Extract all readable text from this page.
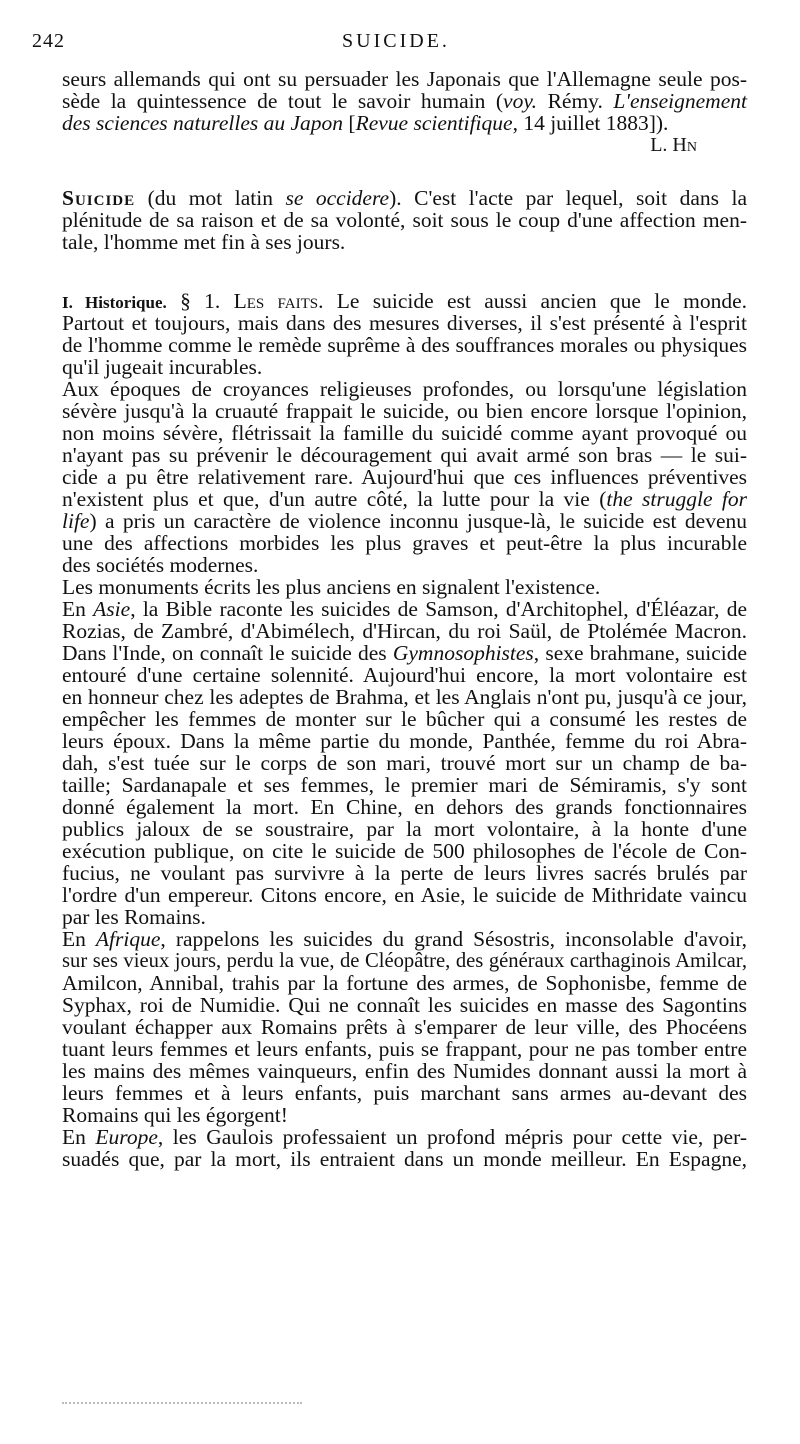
242	SUICIDE.
seurs allemands qui ont su persuader les Japonais que l'Allemagne seule pos-
sède la quintessence de tout le savoir humain (voy. Rémy. L'enseignement
des sciences naturelles au Japon [Revue scientifique, 14 juillet 1883]).
L. Hn
Suicide (du mot latin se occidere). C'est l'acte par lequel, soit dans la
plénitude de sa raison et de sa volonté, soit sous le coup d'une affection men-
tale, l'homme met fin à ses jours.
I. Historique. § 1. Les faits. Le suicide est aussi ancien que le monde.
Partout et toujours, mais dans des mesures diverses, il s'est présenté à l'esprit
de l'homme comme le remède suprême à des souffrances morales ou physiques
qu'il jugeait incurables.
Aux époques de croyances religieuses profondes, ou lorsqu'une législation
sévère jusqu'à la cruauté frappait le suicide, ou bien encore lorsque l'opinion,
non moins sévère, flétrissait la famille du suicidé comme ayant provoqué ou
n'ayant pas su prévenir le découragement qui avait armé son bras — le sui-
cide a pu être relativement rare. Aujourd'hui que ces influences préventives
n'existent plus et que, d'un autre côté, la lutte pour la vie (the struggle for
life) a pris un caractère de violence inconnu jusque-là, le suicide est devenu
une des affections morbides les plus graves et peut-être la plus incurable
des sociétés modernes.
Les monuments écrits les plus anciens en signalent l'existence.
En Asie, la Bible raconte les suicides de Samson, d'Architophel, d'Éléazar, de
Rozias, de Zambré, d'Abimélech, d'Hircan, du roi Saül, de Ptolémée Macron.
Dans l'Inde, on connaît le suicide des Gymnosophistes, sexe brahmane, suicide
entouré d'une certaine solennité. Aujourd'hui encore, la mort volontaire est
en honneur chez les adeptes de Brahma, et les Anglais n'ont pu, jusqu'à ce jour,
empêcher les femmes de monter sur le bûcher qui a consumé les restes de
leurs époux. Dans la même partie du monde, Panthée, femme du roi Abra-
dah, s'est tuée sur le corps de son mari, trouvé mort sur un champ de ba-
taille; Sardanapale et ses femmes, le premier mari de Sémiramis, s'y sont
donné également la mort. En Chine, en dehors des grands fonctionnaires
publics jaloux de se soustraire, par la mort volontaire, à la honte d'une
exécution publique, on cite le suicide de 500 philosophes de l'école de Con-
fucius, ne voulant pas survivre à la perte de leurs livres sacrés brulés par
l'ordre d'un empereur. Citons encore, en Asie, le suicide de Mithridate vaincu
par les Romains.
En Afrique, rappelons les suicides du grand Sésostris, inconsolable d'avoir,
sur ses vieux jours, perdu la vue, de Cléopâtre, des généraux carthaginois Amilcar,
Amilcon, Annibal, trahis par la fortune des armes, de Sophonisbe, femme de
Syphax, roi de Numidie. Qui ne connaît les suicides en masse des Sagontins
voulant échapper aux Romains prêts à s'emparer de leur ville, des Phocéens
tuant leurs femmes et leurs enfants, puis se frappant, pour ne pas tomber entre
les mains des mêmes vainqueurs, enfin des Numides donnant aussi la mort à
leurs femmes et à leurs enfants, puis marchant sans armes au-devant des
Romains qui les égorgent!
En Europe, les Gaulois professaient un profond mépris pour cette vie, per-
suadés que, par la mort, ils entraient dans un monde meilleur. En Espagne,
